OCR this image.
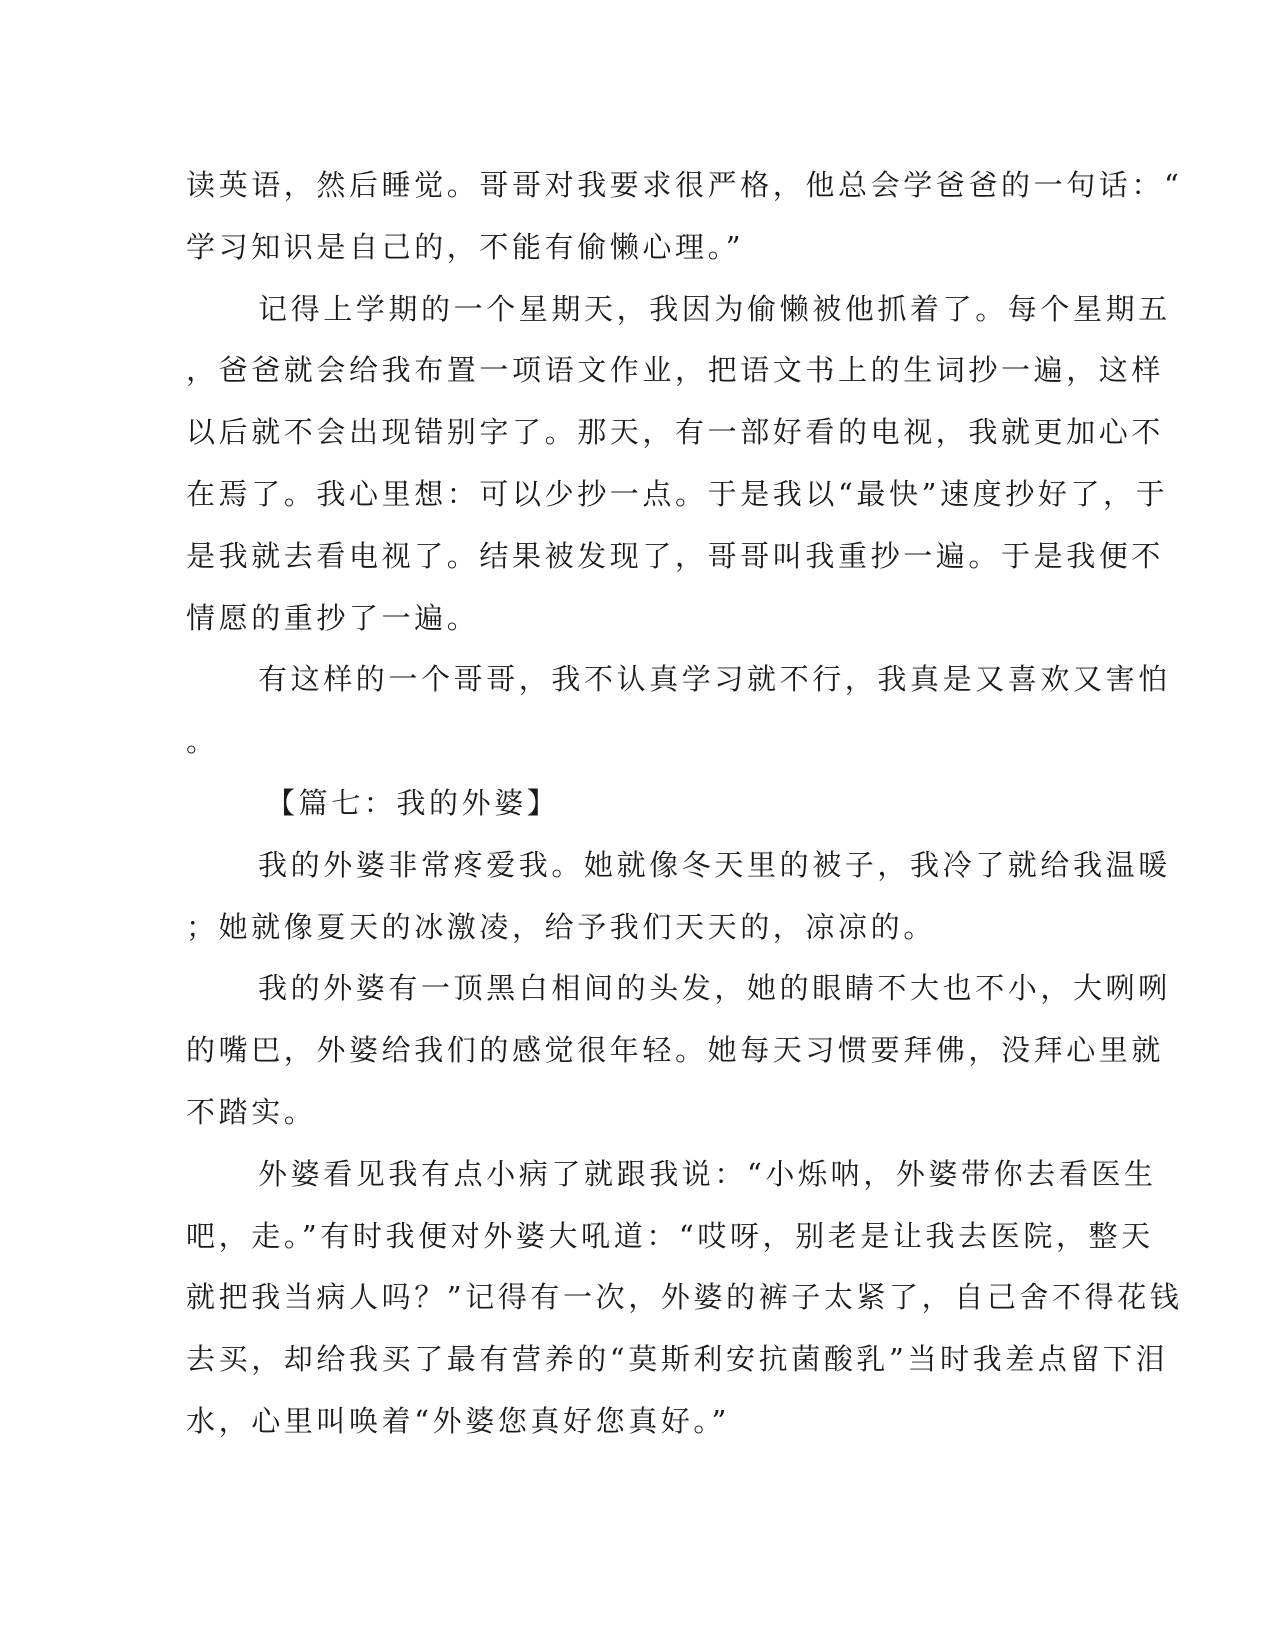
读英语，然后睡觉。哥哥对我要求很严格，他总会学爸爸的一句话：“
学习知识是自己的，不能有偷懒心理。”
记得上学期的一个星期天，我因为偷懒被他抓着了。每个星期五
，爸爸就会给我布置一项语文作业，把语文书上的生词抄一遍，这样
以后就不会出现错别字了。那天，有一部好看的电视，我就更加心不
在焉了。我心里想：可以少抄一点。于是我以“最快”速度抄好了，于
是我就去看电视了。结果被发现了，哥哥叫我重抄一遍。于是我便不
情愿的重抄了一遍。
有这样的一个哥哥，我不认真学习就不行，我真是又喜欢又害怕
。
【篇七：我的外婆】
我的外婆非常疼爱我。她就像冬天里的被子，我冷了就给我温暖
；她就像夏天的冰激凌，给予我们天天的，凉凉的。
我的外婆有一顶黑白相间的头发，她的眼睛不大也不小，大咧咧
的嘴巴，外婆给我们的感觉很年轻。她每天习惯要拜佛，没拜心里就
不踏实。
外婆看见我有点小病了就跟我说：“小烁呐，外婆带你去看医生
吧，走。”有时我便对外婆大吼道：“哎呀，别老是让我去医院，整天
就把我当病人吗？”记得有一次，外婆的裤子太紧了，自己舍不得花钱
去买，却给我买了最有营养的“莫斯利安抗菌酸乳”当时我差点留下泪
水，心里叫唤着“外婆您真好您真好。”
